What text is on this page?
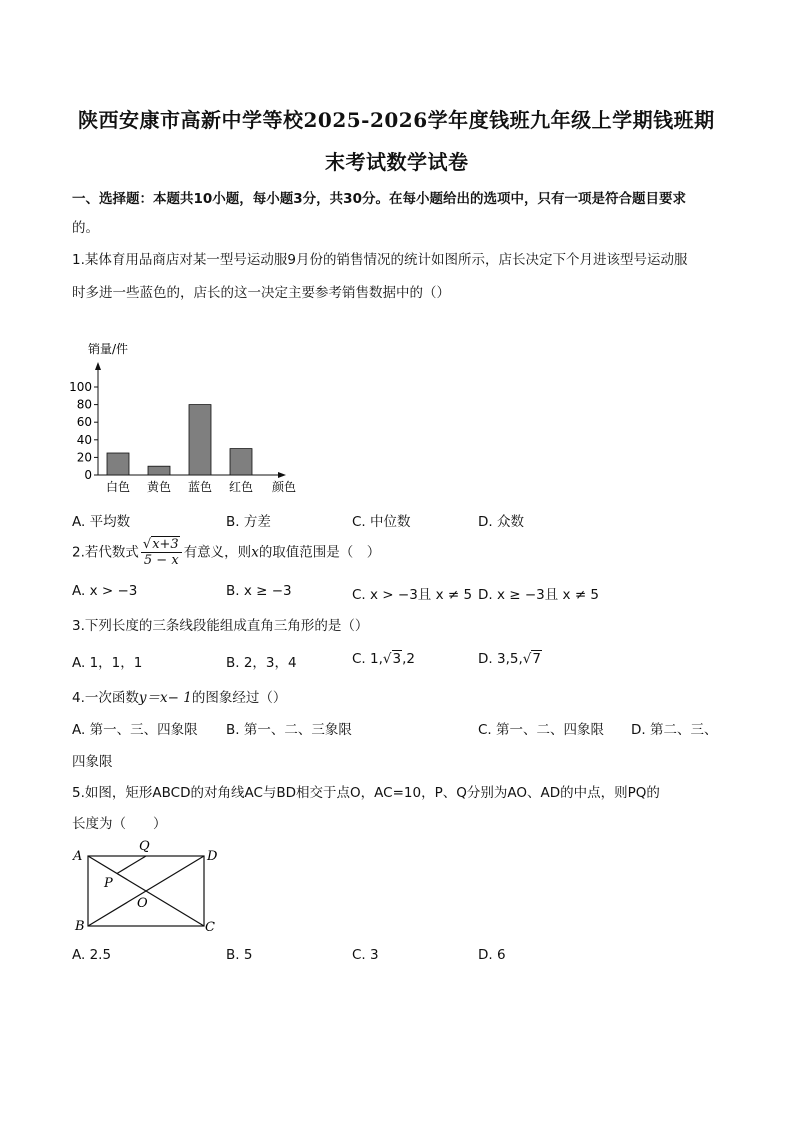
陕西安康市高新中学等校2025-2026学年度钱班九年级上学期钱班期
末考试数学试卷
一、选择题：本题共10小题，每小题3分，共30分。在每小题给出的选项中，只有一项是符合题目要求
的。
1.某体育用品商店对某一型号运动服9月份的销售情况的统计如图所示，店长决定下个月进该型号运动服
时多进一些蓝色的，店长的这一决定主要参考销售数据中的（）
销量/件
0
20
40
60
80
100
白色 黄色 蓝色 红色 颜色
A. 平均数	B. 方差	C. 中位数	D. 众数
2.若代数式 $\frac{√x+3}{5 - x}$ 有意义，则x的取值范围是（　）
A. x > −3	B. x ≥ −3	C. x > −3且 x ≠ 5 D. x ≥ −3且 x ≠ 5
3.下列长度的三条线段能组成直角三角形的是（）
A. 1，1，1	B. 2，3，4	C. 1,√3,2	D. 3,5,√7
4.一次函数y＝x− 1的图象经过（）
A. 第一、三、四象限 B. 第一、二、三象限	C. 第一、二、四象限 D. 第二、三、
四象限
5.如图，矩形ABCD的对角线AC与BD相交于点O，AC=10，P、Q分别为AO、AD的中点，则PQ的
长度为（　　）
A
Q
D
P
O
B	C
A. 2.5	B. 5	C. 3	D. 6
